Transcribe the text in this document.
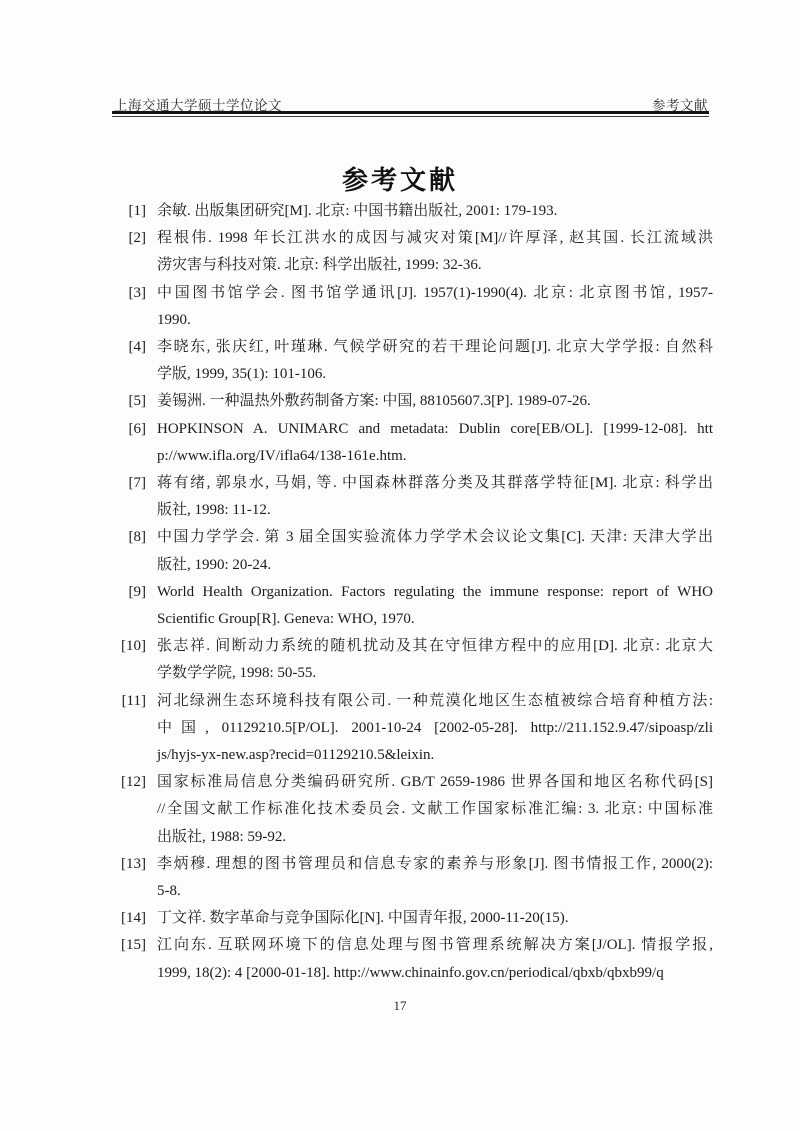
上海交通大学硕士学位论文	参考文献
参考文献
[1] 余敏. 出版集团研究[M]. 北京: 中国书籍出版社, 2001: 179-193.
[2] 程根伟. 1998 年长江洪水的成因与减灾对策[M]//许厚泽, 赵其国. 长江流域洪
涝灾害与科技对策. 北京: 科学出版社, 1999: 32-36.
[3] 中国图书馆学会. 图书馆学通讯[J]. 1957(1)-1990(4). 北京: 北京图书馆, 1957-
1990.
[4] 李晓东, 张庆红, 叶瑾琳. 气候学研究的若干理论问题[J]. 北京大学学报: 自然科
学版, 1999, 35(1): 101-106.
[5] 姜锡洲. 一种温热外敷药制备方案: 中国, 88105607.3[P]. 1989-07-26.
[6] HOPKINSON A. UNIMARC and metadata: Dublin core[EB/OL]. [1999-12-08]. htt
p://www.ifla.org/IV/ifla64/138-161e.htm.
[7] 蒋有绪, 郭泉水, 马娟, 等. 中国森林群落分类及其群落学特征[M]. 北京: 科学出
版社, 1998: 11-12.
[8] 中国力学学会. 第 3 届全国实验流体力学学术会议论文集[C]. 天津: 天津大学出
版社, 1990: 20-24.
[9] World Health Organization. Factors regulating the immune response: report of WHO
Scientific Group[R]. Geneva: WHO, 1970.
[10] 张志祥. 间断动力系统的随机扰动及其在守恒律方程中的应用[D]. 北京: 北京大
学数学学院, 1998: 50-55.
[11] 河北绿洲生态环境科技有限公司. 一种荒漠化地区生态植被综合培育种植方法:
中国, 01129210.5[P/OL]. 2001-10-24 [2002-05-28]. http://211.152.9.47/sipoasp/zli
js/hyjs-yx-new.asp?recid=01129210.5&leixin.
[12] 国家标准局信息分类编码研究所. GB/T 2659-1986 世界各国和地区名称代码[S]
//全国文献工作标准化技术委员会. 文献工作国家标准汇编: 3. 北京: 中国标准
出版社, 1988: 59-92.
[13] 李炳穆. 理想的图书管理员和信息专家的素养与形象[J]. 图书情报工作, 2000(2):
5-8.
[14] 丁文祥. 数字革命与竞争国际化[N]. 中国青年报, 2000-11-20(15).
[15] 江向东. 互联网环境下的信息处理与图书管理系统解决方案[J/OL]. 情报学报,
1999, 18(2): 4 [2000-01-18]. http://www.chinainfo.gov.cn/periodical/qbxb/qbxb99/q
17
